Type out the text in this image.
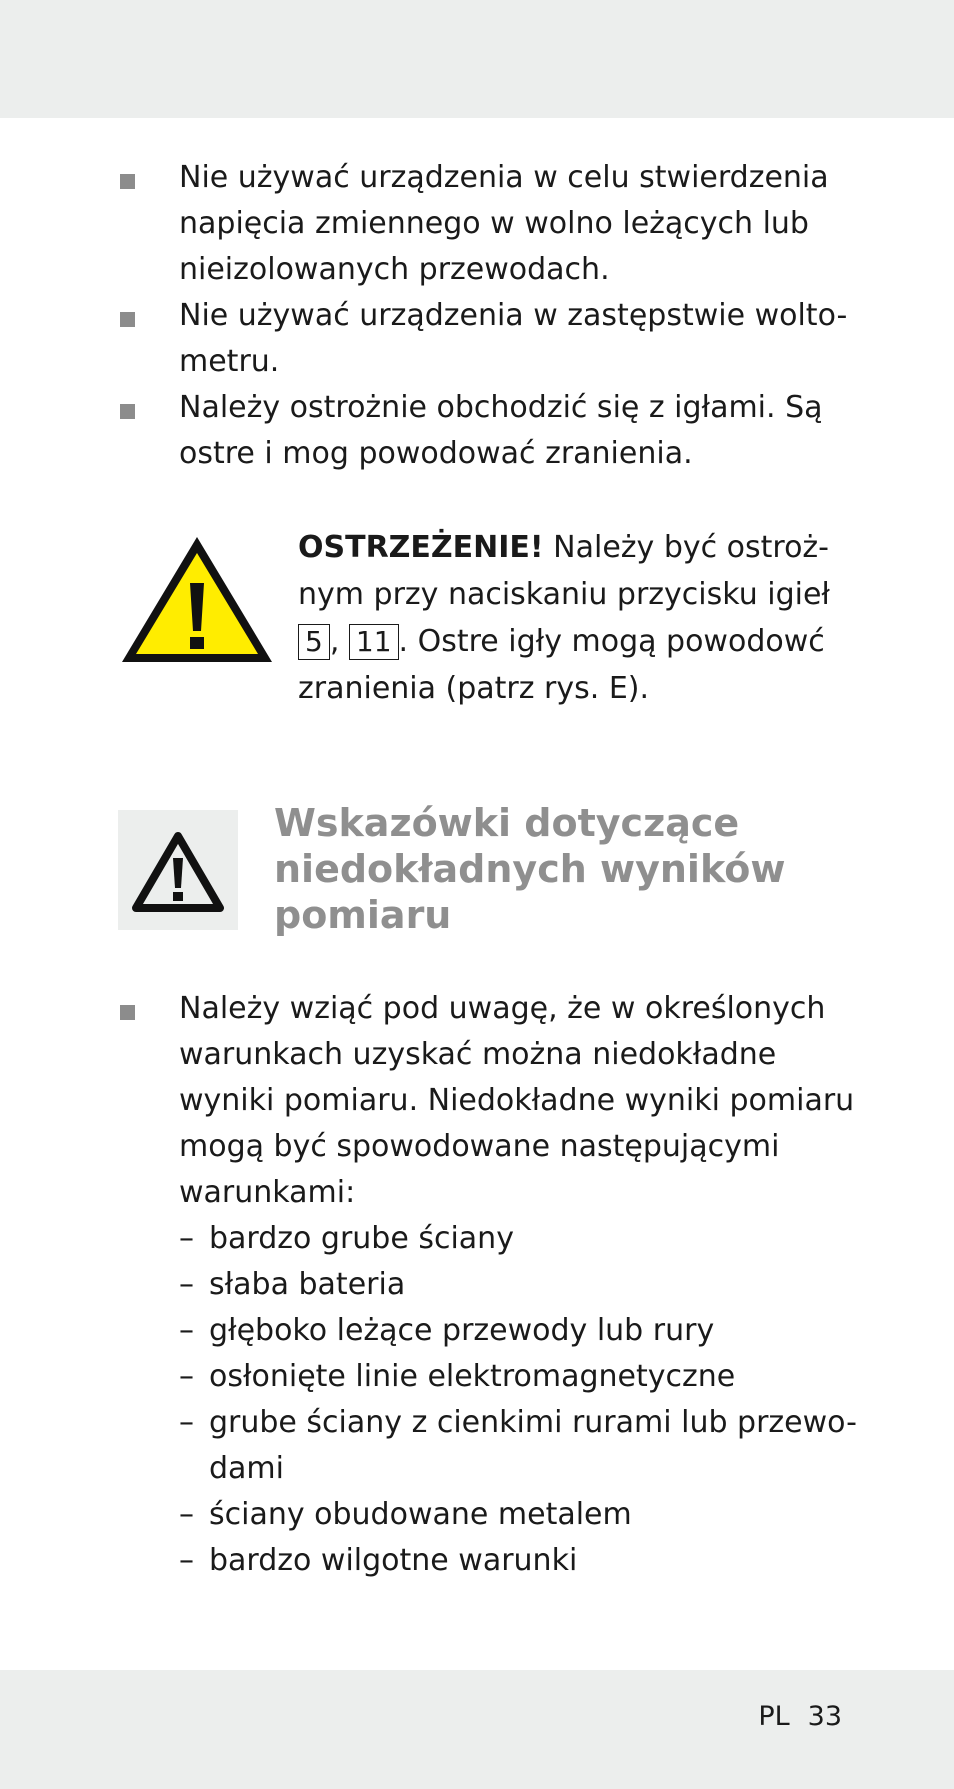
Nie używać urządzenia w celu stwierdzenia napięcia zmiennego w wolno leżących lub nieizolowanych przewodach.
Nie używać urządzenia w zastępstwie wolto-metru.
Należy ostrożnie obchodzić się z igłami. Są ostre i mog powodować zranienia.
OSTRZEŻENIE! Należy być ostroż-nym przy naciskaniu przycisku igieł 5 , 11 . Ostre igły mogą powodowć zranienia (patrz rys. E).
Wskazówki dotyczące niedokładnych wyników pomiaru
Należy wziąć pod uwagę, że w określonych warunkach uzyskać można niedokładne wyniki pomiaru. Niedokładne wyniki pomiaru mogą być spowodowane następującymi warunkami:
– bardzo grube ściany
– słaba bateria
– głęboko leżące przewody lub rury
– osłonięte linie elektromagnetyczne
– grube ściany z cienkimi rurami lub przewo-dami
– ściany obudowane metalem
– bardzo wilgotne warunki
PL 33
